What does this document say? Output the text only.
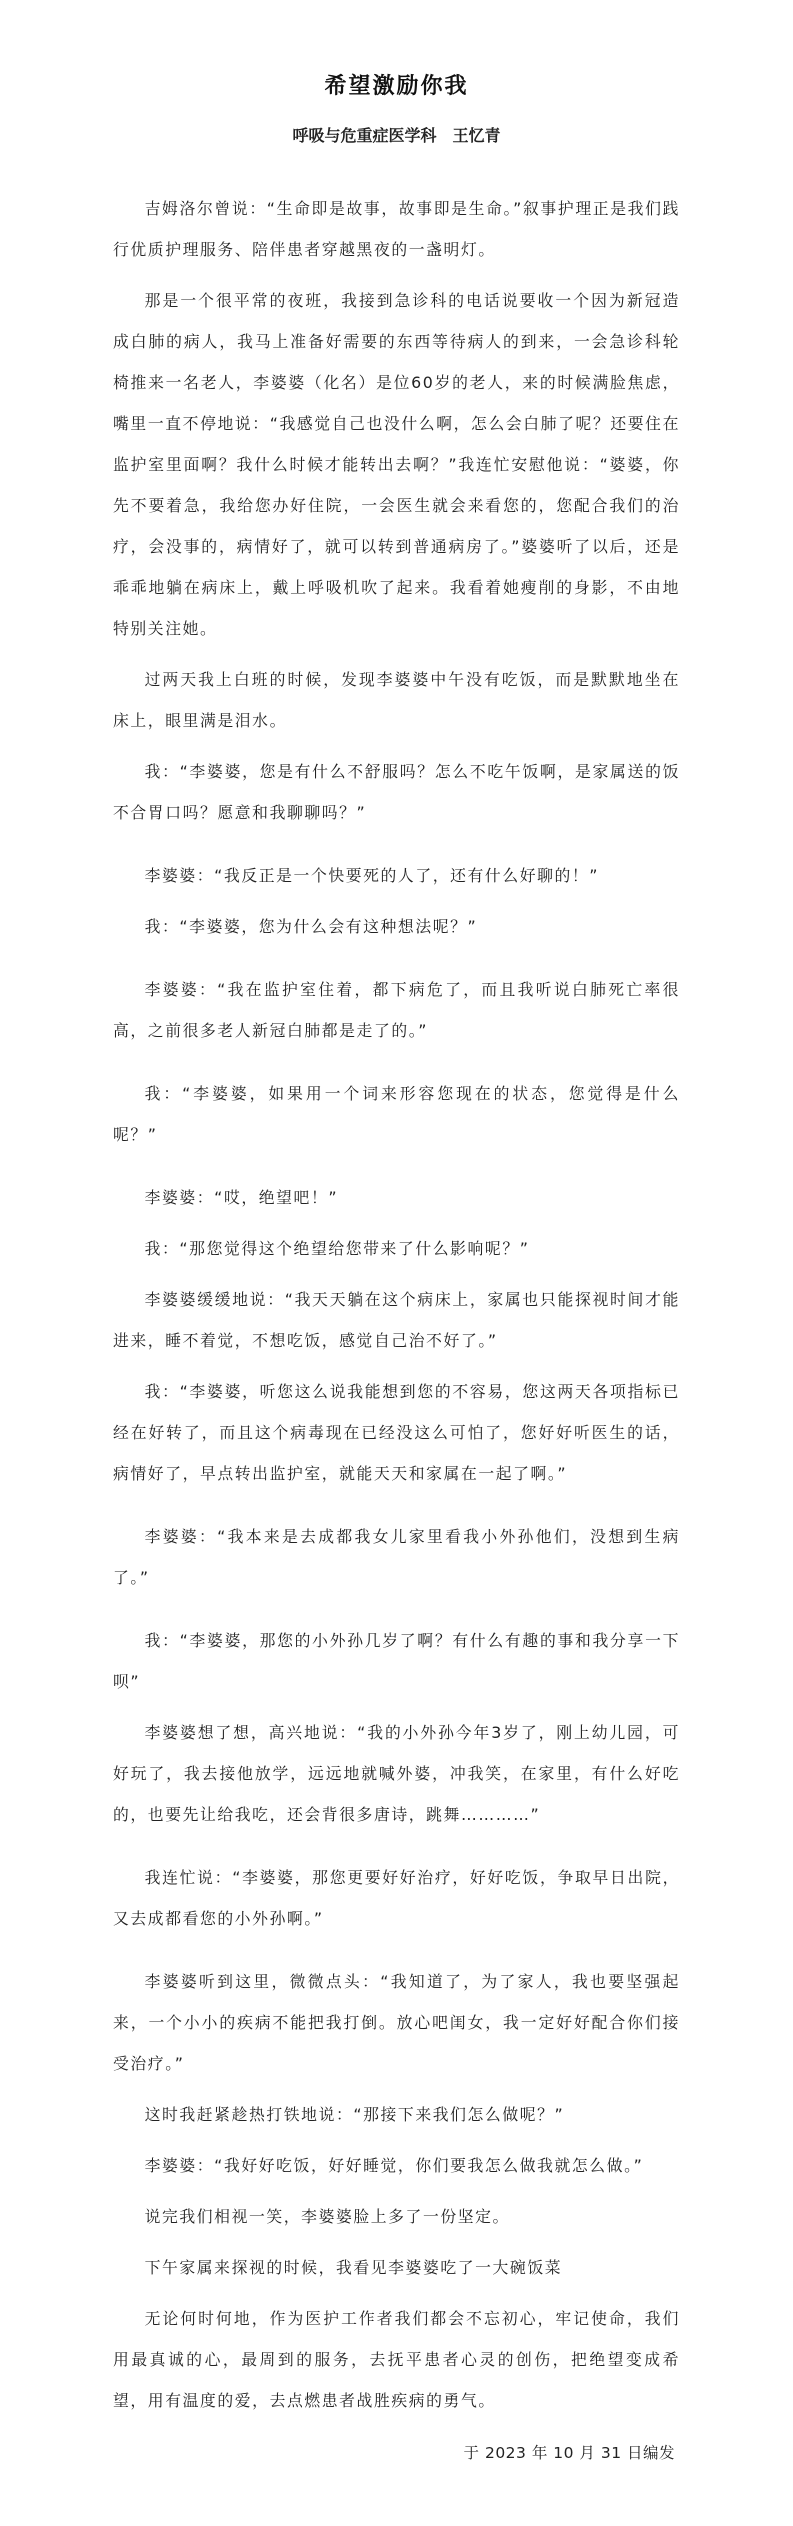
希望激励你我
呼吸与危重症医学科　王忆青

吉姆洛尔曾说：“生命即是故事，故事即是生命。”叙事护理正是我们践行优质护理服务、陪伴患者穿越黑夜的一盏明灯。

那是一个很平常的夜班，我接到急诊科的电话说要收一个因为新冠造成白肺的病人，我马上准备好需要的东西等待病人的到来，一会急诊科轮椅推来一名老人，李婆婆（化名）是位60岁的老人，来的时候满脸焦虑，嘴里一直不停地说：“我感觉自己也没什么啊，怎么会白肺了呢？还要住在监护室里面啊？我什么时候才能转出去啊？”我连忙安慰他说：“婆婆，你先不要着急，我给您办好住院，一会医生就会来看您的，您配合我们的治疗，会没事的，病情好了，就可以转到普通病房了。”婆婆听了以后，还是乖乖地躺在病床上，戴上呼吸机吹了起来。我看着她瘦削的身影，不由地特别关注她。

过两天我上白班的时候，发现李婆婆中午没有吃饭，而是默默地坐在床上，眼里满是泪水。

我：“李婆婆，您是有什么不舒服吗？怎么不吃午饭啊，是家属送的饭不合胃口吗？愿意和我聊聊吗？”

李婆婆：“我反正是一个快要死的人了，还有什么好聊的！”

我：“李婆婆，您为什么会有这种想法呢？”

李婆婆：“我在监护室住着，都下病危了，而且我听说白肺死亡率很高，之前很多老人新冠白肺都是走了的。”

我：“李婆婆，如果用一个词来形容您现在的状态，您觉得是什么呢？”

李婆婆：“哎，绝望吧！”

我：“那您觉得这个绝望给您带来了什么影响呢？”

李婆婆缓缓地说：“我天天躺在这个病床上，家属也只能探视时间才能进来，睡不着觉，不想吃饭，感觉自己治不好了。”

我：“李婆婆，听您这么说我能想到您的不容易，您这两天各项指标已经在好转了，而且这个病毒现在已经没这么可怕了，您好好听医生的话，病情好了，早点转出监护室，就能天天和家属在一起了啊。”

李婆婆：“我本来是去成都我女儿家里看我小外孙他们，没想到生病了。”

我：“李婆婆，那您的小外孙几岁了啊？有什么有趣的事和我分享一下呗”

李婆婆想了想，高兴地说：“我的小外孙今年3岁了，刚上幼儿园，可好玩了，我去接他放学，远远地就喊外婆，冲我笑，在家里，有什么好吃的，也要先让给我吃，还会背很多唐诗，跳舞…………”

我连忙说：“李婆婆，那您更要好好治疗，好好吃饭，争取早日出院，又去成都看您的小外孙啊。”

李婆婆听到这里，微微点头：“我知道了，为了家人，我也要坚强起来，一个小小的疾病不能把我打倒。放心吧闺女，我一定好好配合你们接受治疗。”

这时我赶紧趁热打铁地说：“那接下来我们怎么做呢？”

李婆婆：“我好好吃饭，好好睡觉，你们要我怎么做我就怎么做。”

说完我们相视一笑，李婆婆脸上多了一份坚定。

下午家属来探视的时候，我看见李婆婆吃了一大碗饭菜

无论何时何地，作为医护工作者我们都会不忘初心，牢记使命，我们用最真诚的心，最周到的服务，去抚平患者心灵的创伤，把绝望变成希望，用有温度的爱，去点燃患者战胜疾病的勇气。

于 2023 年 10 月 31 日编发
